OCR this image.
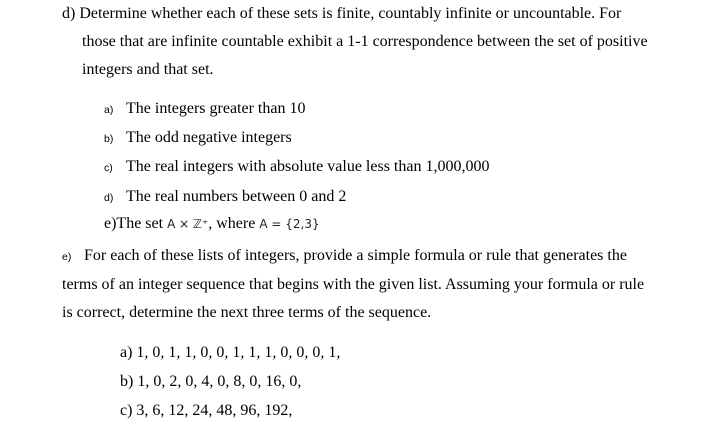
d) Determine whether each of these sets is finite, countably infinite or uncountable. For
those that are infinite countable exhibit a 1-1 correspondence between the set of positive
integers and that set.
a) The integers greater than 10
b) The odd negative integers
c) The real integers with absolute value less than 1,000,000
d) The real numbers between 0 and 2
e)The set A × ℤ⁺, where A = {2,3}
e) For each of these lists of integers, provide a simple formula or rule that generates the
terms of an integer sequence that begins with the given list. Assuming your formula or rule
is correct, determine the next three terms of the sequence.
a) 1, 0, 1, 1, 0, 0, 1, 1, 1, 0, 0, 0, 1,
b) 1, 0, 2, 0, 4, 0, 8, 0, 16, 0,
c) 3, 6, 12, 24, 48, 96, 192,
